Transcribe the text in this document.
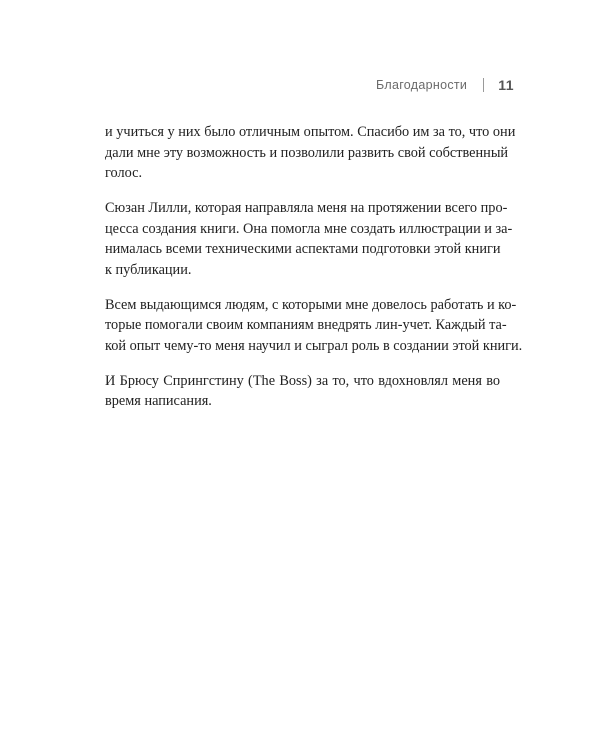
Благодарности 11

и учиться у них было отличным опытом. Спасибо им за то, что они
дали мне эту возможность и позволили развить свой собственный
голос.

Сюзан Лилли, которая направляла меня на протяжении всего про-
цесса создания книги. Она помогла мне создать иллюстрации и за-
нималась всеми техническими аспектами подготовки этой книги
к публикации.

Всем выдающимся людям, с которыми мне довелось работать и ко-
торые помогали своим компаниям внедрять лин-учет. Каждый та-
кой опыт чему-то меня научил и сыграл роль в создании этой книги.

И Брюсу Спрингстину (The Boss) за то, что вдохновлял меня во
время написания.
